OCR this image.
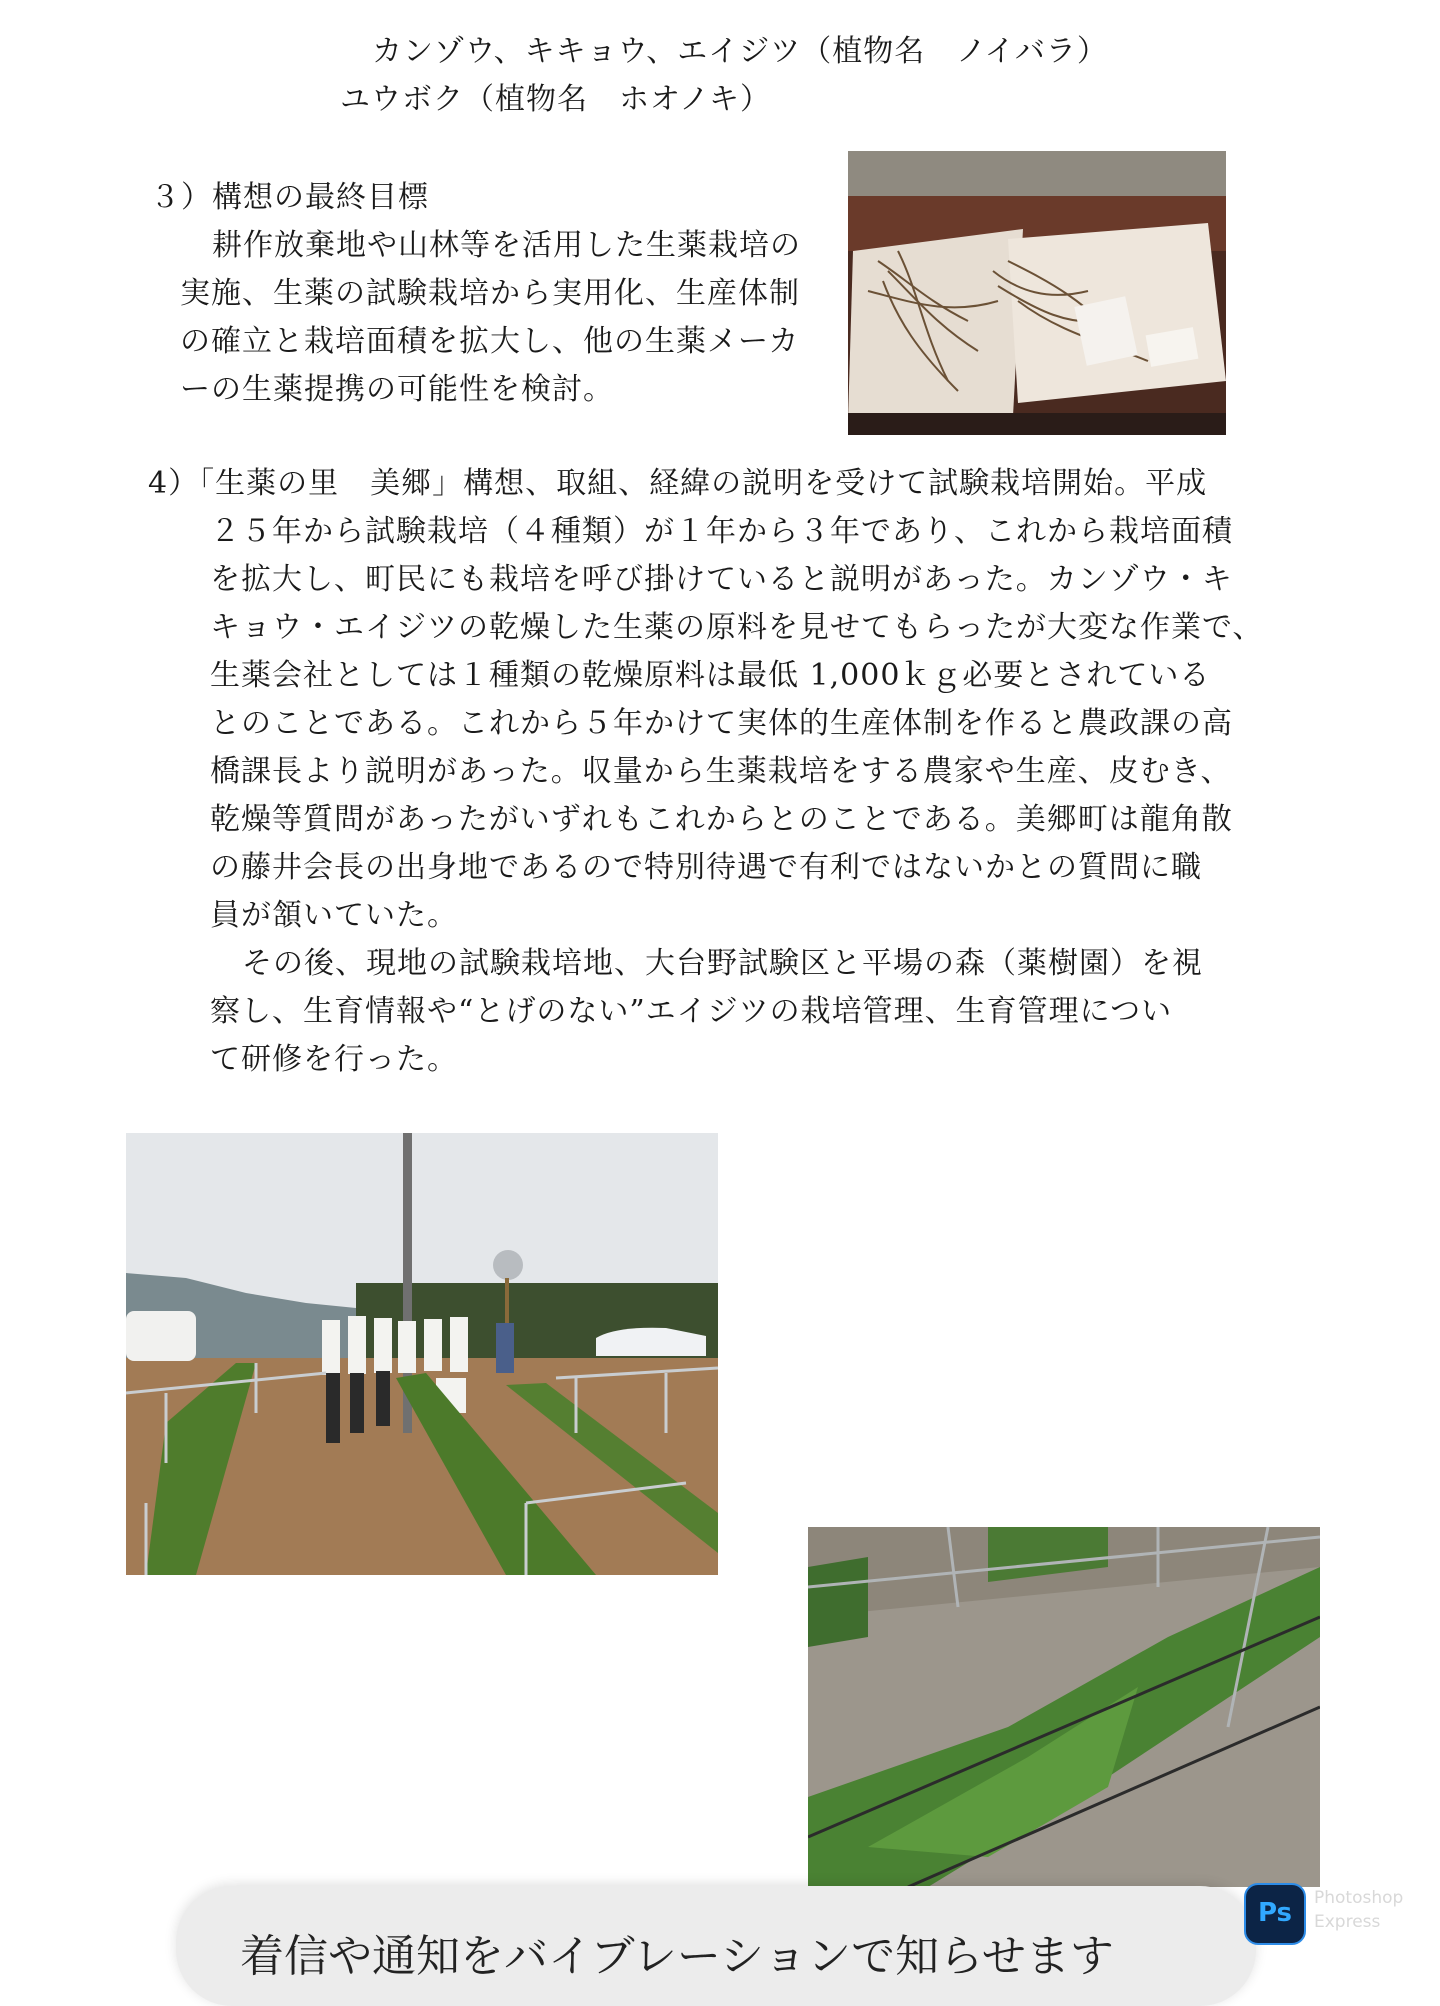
カンゾウ、キキョウ、エイジツ（植物名　ノイバラ）
ユウボク（植物名　ホオノキ）
３）構想の最終目標
耕作放棄地や山林等を活用した生薬栽培の
実施、生薬の試験栽培から実用化、生産体制
の確立と栽培面積を拡大し、他の生薬メーカ
ーの生薬提携の可能性を検討。
4）「生薬の里　美郷」構想、取組、経緯の説明を受けて試験栽培開始。平成
２５年から試験栽培（４種類）が１年から３年であり、これから栽培面積
を拡大し、町民にも栽培を呼び掛けていると説明があった。カンゾウ・キ
キョウ・エイジツの乾燥した生薬の原料を見せてもらったが大変な作業で、
生薬会社としては１種類の乾燥原料は最低 1,000ｋｇ必要とされている
とのことである。これから５年かけて実体的生産体制を作ると農政課の高
橋課長より説明があった。収量から生薬栽培をする農家や生産、皮むき、
乾燥等質問があったがいずれもこれからとのことである。美郷町は龍角散
の藤井会長の出身地であるので特別待遇で有利ではないかとの質問に職
員が頷いていた。
その後、現地の試験栽培地、大台野試験区と平場の森（薬樹園）を視
察し、生育情報や“とげのない”エイジツの栽培管理、生育管理につい
て研修を行った。
着信や通知をバイブレーションで知らせます
Ps	Photoshop
Express
